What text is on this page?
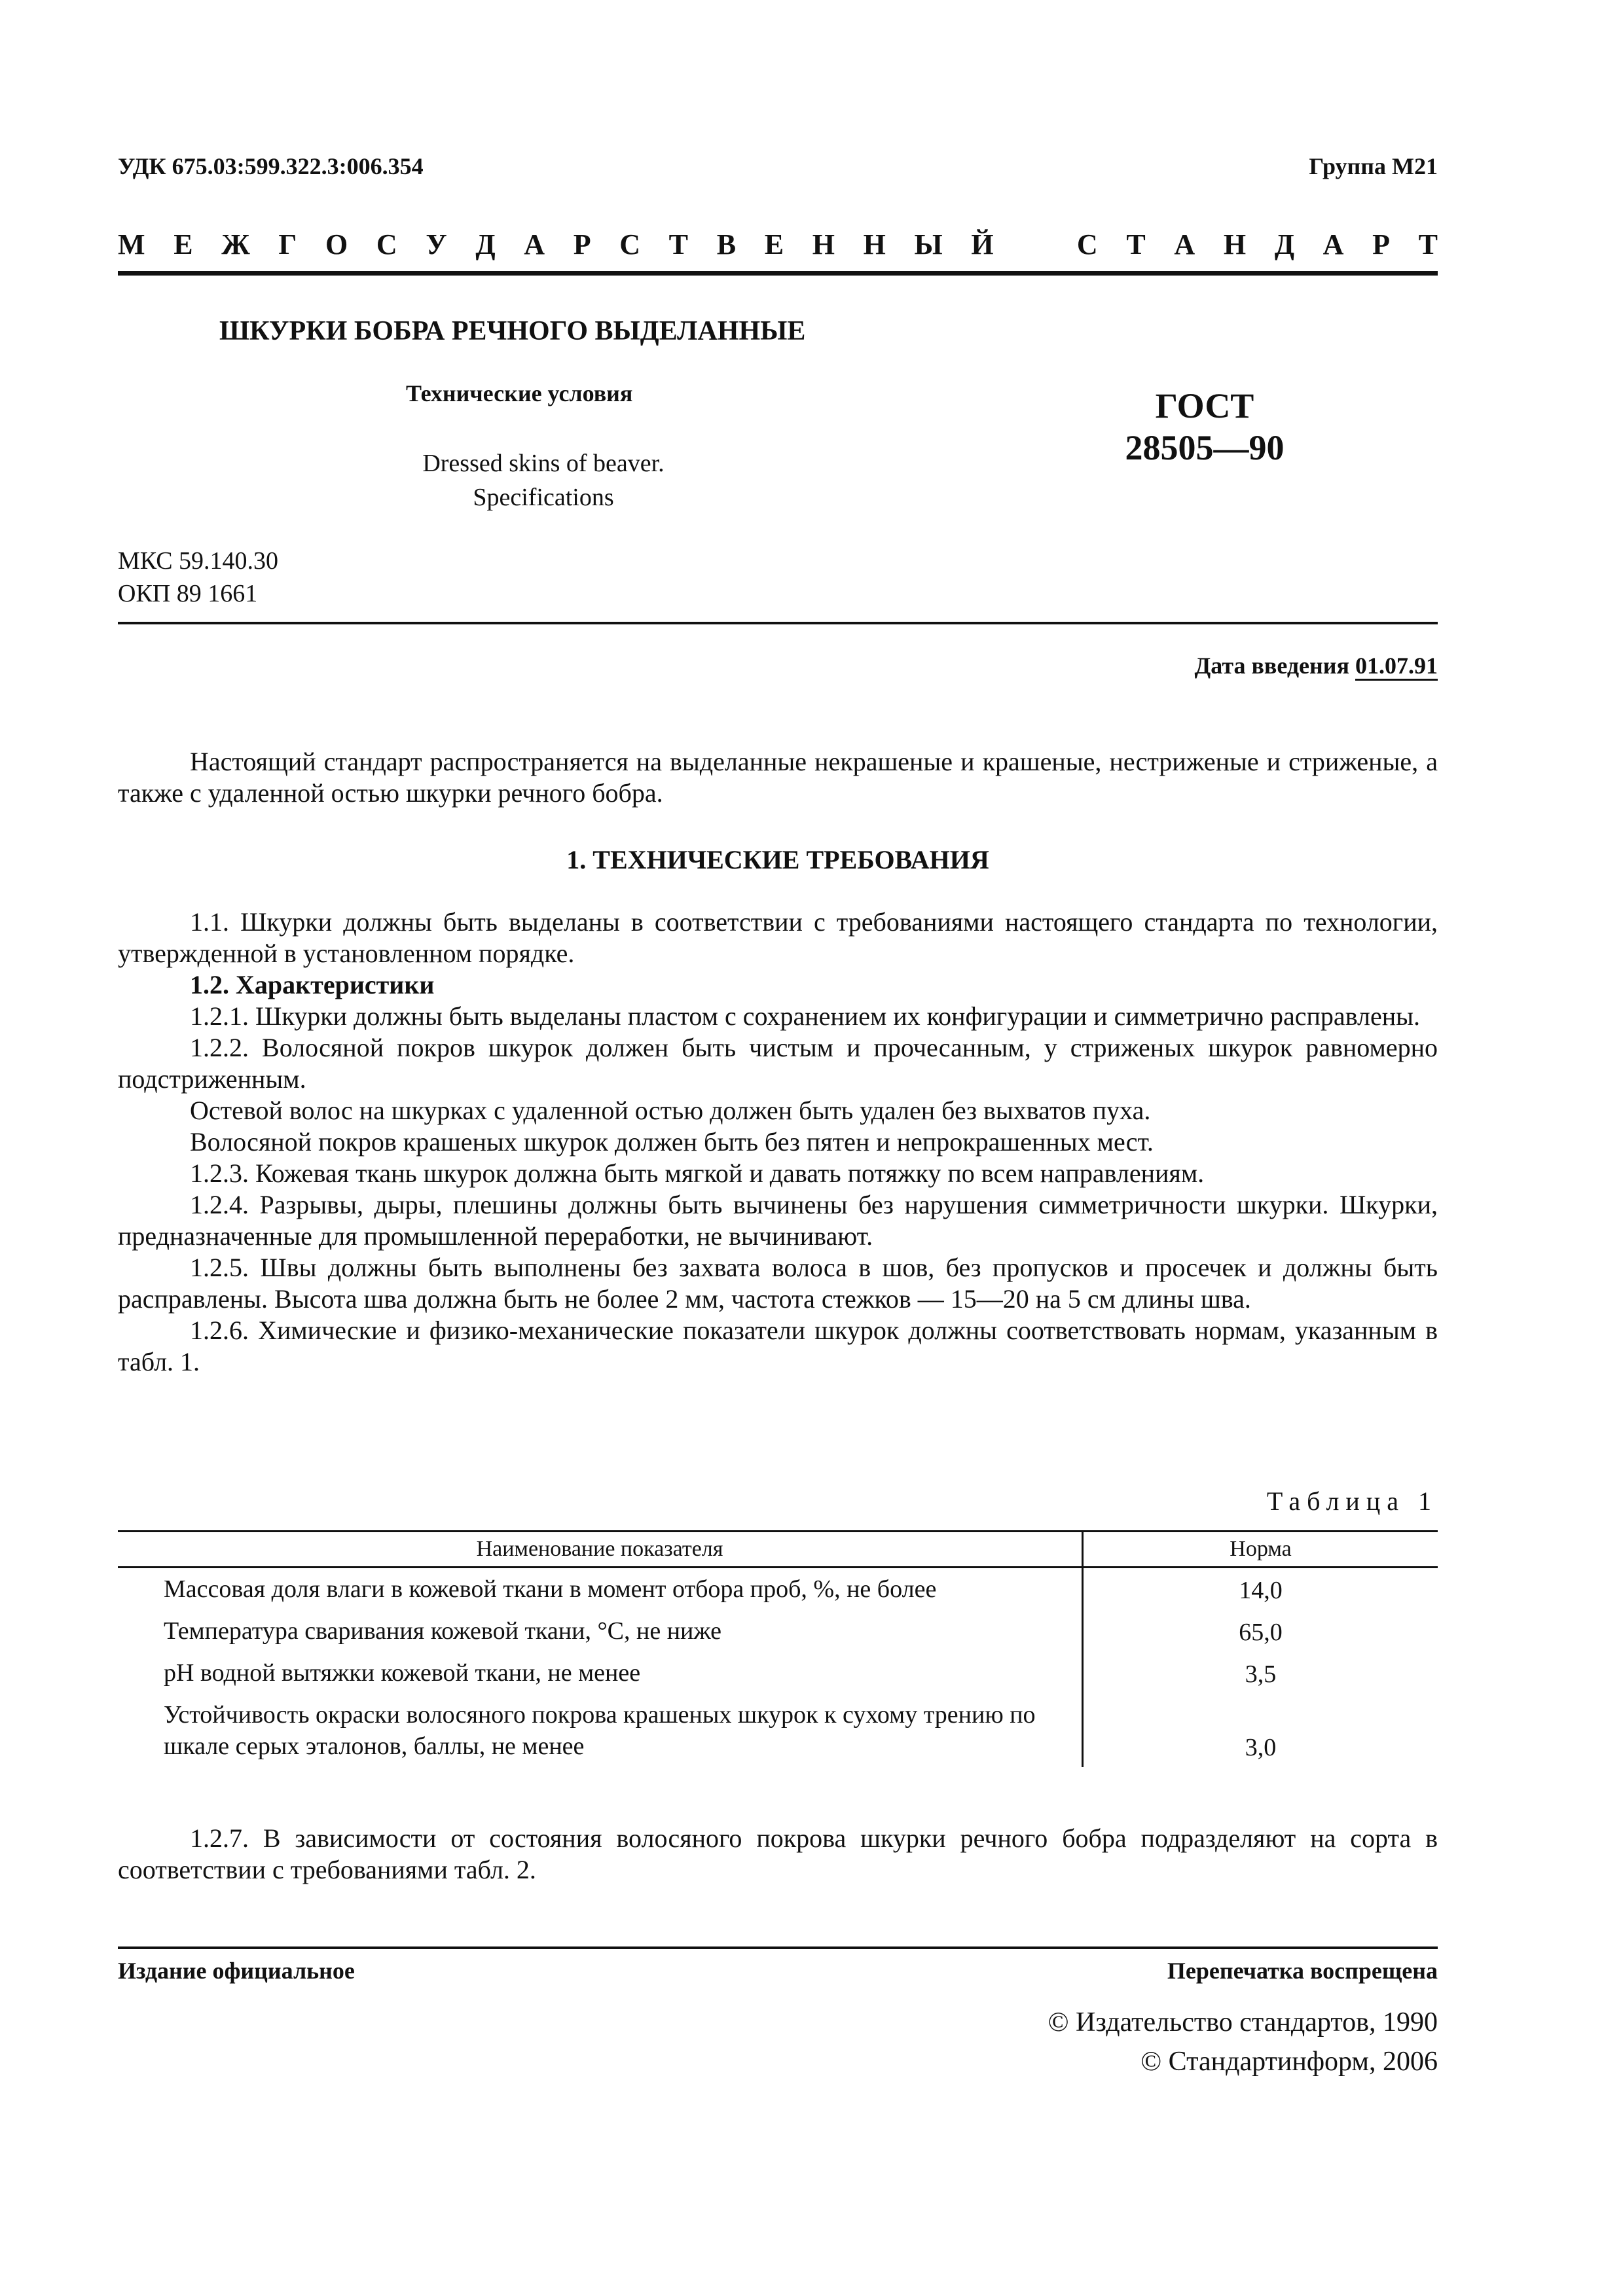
УДК 675.03:599.322.3:006.354	Группа М21
М Е Ж Г О С У Д А Р С Т В Е Н Н Ы Й	С Т А Н Д А Р Т
ШКУРКИ БОБРА РЕЧНОГО ВЫДЕЛАННЫЕ
Технические условия
Dressed skins of beaver.
Specifications
ГОСТ
28505—90
МКС 59.140.30
ОКП 89 1661
Дата введения 01.07.91

Настоящий стандарт распространяется на выделанные некрашеные и крашеные, нестриженые и стриженые, а также с удаленной остью шкурки речного бобра.

1. ТЕХНИЧЕСКИЕ ТРЕБОВАНИЯ

1.1. Шкурки должны быть выделаны в соответствии с требованиями настоящего стандарта по технологии, утвержденной в установленном порядке.

1.2. Характеристики

1.2.1. Шкурки должны быть выделаны пластом с сохранением их конфигурации и симметрично расправлены.

1.2.2. Волосяной покров шкурок должен быть чистым и прочесанным, у стриженых шкурок равномерно подстриженным.

Остевой волос на шкурках с удаленной остью должен быть удален без выхватов пуха.

Волосяной покров крашеных шкурок должен быть без пятен и непрокрашенных мест.

1.2.3. Кожевая ткань шкурок должна быть мягкой и давать потяжку по всем направлениям.

1.2.4. Разрывы, дыры, плешины должны быть вычинены без нарушения симметричности шкурки. Шкурки, предназначенные для промышленной переработки, не вычинивают.

1.2.5. Швы должны быть выполнены без захвата волоса в шов, без пропусков и просечек и должны быть расправлены. Высота шва должна быть не более 2 мм, частота стежков — 15—20 на 5 см длины шва.

1.2.6. Химические и физико-механические показатели шкурок должны соответствовать нормам, указанным в табл. 1.

Таблица 1
Наименование показателя	Норма
Массовая доля влаги в кожевой ткани в момент отбора проб, %, не более	14,0
Температура сваривания кожевой ткани, °С, не ниже	65,0
pH водной вытяжки кожевой ткани, не менее	3,5
Устойчивость окраски волосяного покрова крашеных шкурок к сухому трению по шкале серых эталонов, баллы, не менее	3,0

1.2.7. В зависимости от состояния волосяного покрова шкурки речного бобра подразделяют на сорта в соответствии с требованиями табл. 2.

Издание официальное	Перепечатка воспрещена
© Издательство стандартов, 1990
© Стандартинформ, 2006
